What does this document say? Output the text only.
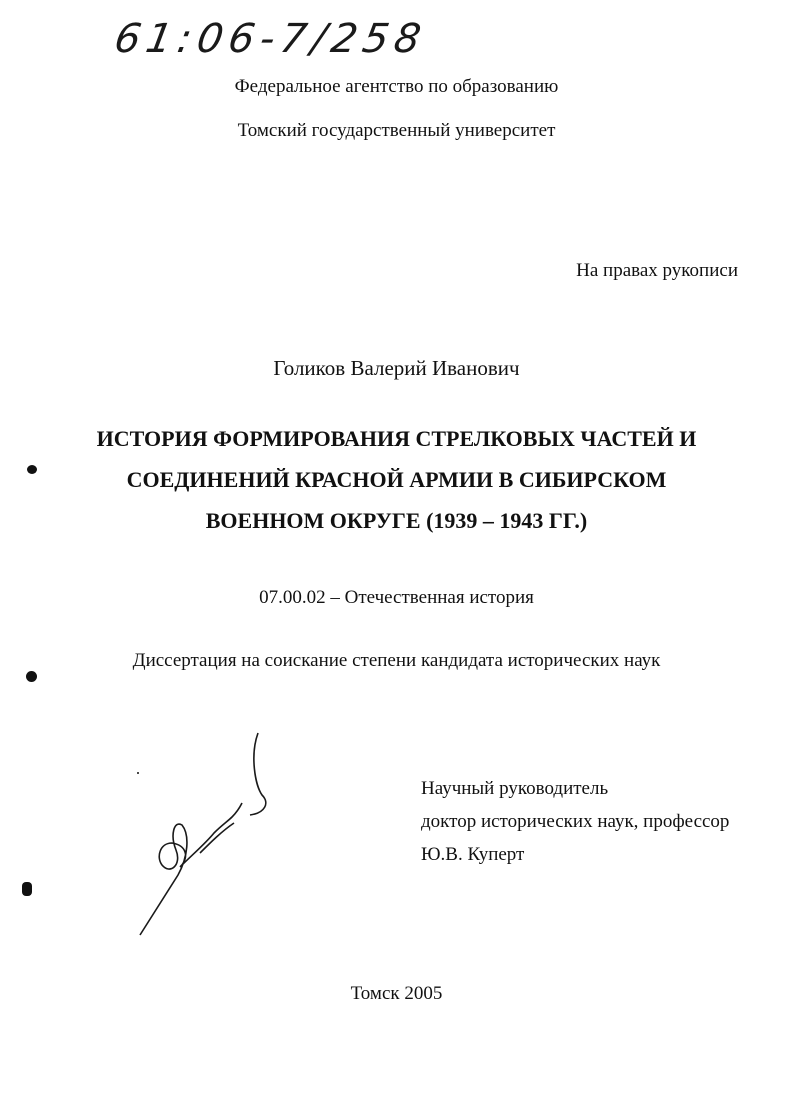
61:06-7/258
Федеральное агентство по образованию
Томский государственный университет
На правах рукописи
Голиков Валерий Иванович
ИСТОРИЯ ФОРМИРОВАНИЯ СТРЕЛКОВЫХ ЧАСТЕЙ И
СОЕДИНЕНИЙ КРАСНОЙ АРМИИ В СИБИРСКОМ
ВОЕННОМ ОКРУГЕ (1939 – 1943 ГГ.)
07.00.02 – Отечественная история
Диссертация на соискание степени кандидата исторических наук
Научный руководитель
доктор исторических наук, профессор
Ю.В. Куперт
Томск 2005
